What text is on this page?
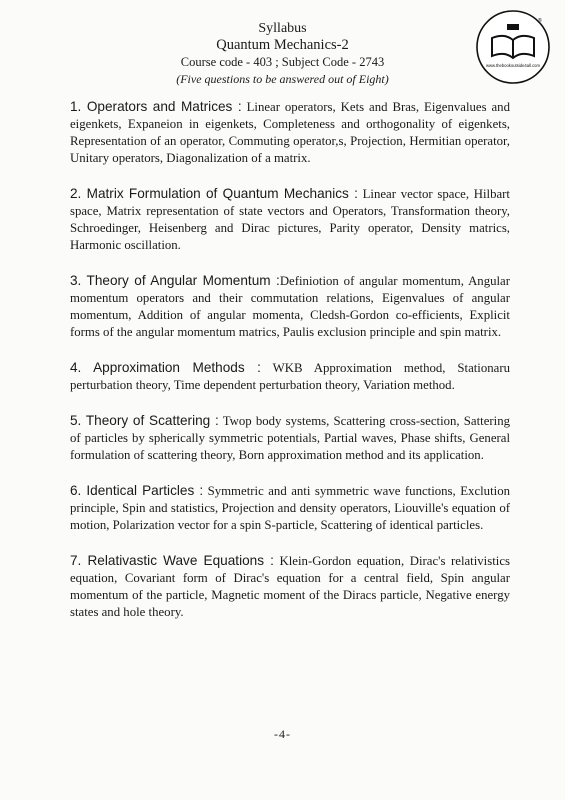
Syllabus
Quantum Mechanics-2
Course code - 403 ; Subject Code - 2743
(Five questions to be answered out of Eight)
www.thebookoutside4all.com
®

1. Operators and Matrices : Linear operators, Kets and Bras, Eigenvalues and eigenkets, Expaneion in eigenkets, Completeness and orthogonality of eigenkets, Representation of an operator, Commuting operator,s, Projection, Hermitian operator, Unitary operators, Diagonalization of a matrix.

2. Matrix Formulation of Quantum Mechanics : Linear vector space, Hilbart space, Matrix representation of state vectors and Operators, Transformation theory, Schroedinger, Heisenberg and Dirac pictures, Parity operator, Density matrics, Harmonic oscillation.

3. Theory of Angular Momentum :Definiotion of angular momentum, Angular momentum operators and their commutation relations, Eigenvalues of angular momentum, Addition of angular momenta, Cledsh-Gordon co-efficients, Explicit forms of the angular momentum matrics, Paulis exclusion principle and spin matrix.

4. Approximation Methods : WKB Approximation method, Stationaru perturbation theory, Time dependent perturbation theory, Variation method.

5. Theory of Scattering : Twop body systems, Scattering cross-section, Sattering of particles by spherically symmetric potentials, Partial waves, Phase shifts, General formulation of scattering theory, Born approximation method and its application.

6. Identical Particles : Symmetric and anti symmetric wave functions, Exclution principle, Spin and statistics, Projection and density operators, Liouville's equation of motion, Polarization vector for a spin S-particle, Scattering of identical particles.

7. Relativastic Wave Equations : Klein-Gordon equation, Dirac's relativistics equation, Covariant form of Dirac's equation for a central field, Spin angular momentum of the particle, Magnetic moment of the Diracs particle, Negative energy states and hole theory.

-4-
